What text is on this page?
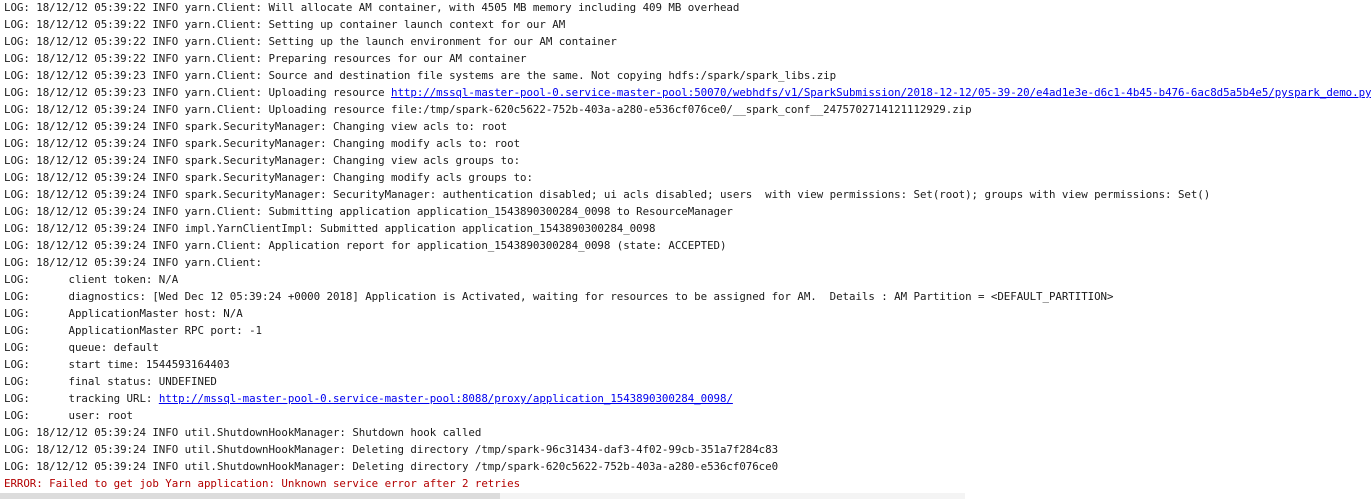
LOG: 18/12/12 05:39:22 INFO yarn.Client: Will allocate AM container, with 4505 MB memory including 409 MB overhead
LOG: 18/12/12 05:39:22 INFO yarn.Client: Setting up container launch context for our AM
LOG: 18/12/12 05:39:22 INFO yarn.Client: Setting up the launch environment for our AM container
LOG: 18/12/12 05:39:22 INFO yarn.Client: Preparing resources for our AM container
LOG: 18/12/12 05:39:23 INFO yarn.Client: Source and destination file systems are the same. Not copying hdfs:/spark/spark_libs.zip
LOG: 18/12/12 05:39:23 INFO yarn.Client: Uploading resource http://mssql-master-pool-0.service-master-pool:50070/webhdfs/v1/SparkSubmission/2018-12-12/05-39-20/e4ad1e3e-d6c1-4b45-b476-6ac8d5a5b4e5/pyspark_demo.py
LOG: 18/12/12 05:39:24 INFO yarn.Client: Uploading resource file:/tmp/spark-620c5622-752b-403a-a280-e536cf076ce0/__spark_conf__2475702714121112929.zip
LOG: 18/12/12 05:39:24 INFO spark.SecurityManager: Changing view acls to: root
LOG: 18/12/12 05:39:24 INFO spark.SecurityManager: Changing modify acls to: root
LOG: 18/12/12 05:39:24 INFO spark.SecurityManager: Changing view acls groups to:
LOG: 18/12/12 05:39:24 INFO spark.SecurityManager: Changing modify acls groups to:
LOG: 18/12/12 05:39:24 INFO spark.SecurityManager: SecurityManager: authentication disabled; ui acls disabled; users  with view permissions: Set(root); groups with view permissions: Set()
LOG: 18/12/12 05:39:24 INFO yarn.Client: Submitting application application_1543890300284_0098 to ResourceManager
LOG: 18/12/12 05:39:24 INFO impl.YarnClientImpl: Submitted application application_1543890300284_0098
LOG: 18/12/12 05:39:24 INFO yarn.Client: Application report for application_1543890300284_0098 (state: ACCEPTED)
LOG: 18/12/12 05:39:24 INFO yarn.Client:
LOG:      client token: N/A
LOG:      diagnostics: [Wed Dec 12 05:39:24 +0000 2018] Application is Activated, waiting for resources to be assigned for AM.  Details : AM Partition = <DEFAULT_PARTITION>
LOG:      ApplicationMaster host: N/A
LOG:      ApplicationMaster RPC port: -1
LOG:      queue: default
LOG:      start time: 1544593164403
LOG:      final status: UNDEFINED
LOG:      tracking URL: http://mssql-master-pool-0.service-master-pool:8088/proxy/application_1543890300284_0098/
LOG:      user: root
LOG: 18/12/12 05:39:24 INFO util.ShutdownHookManager: Shutdown hook called
LOG: 18/12/12 05:39:24 INFO util.ShutdownHookManager: Deleting directory /tmp/spark-96c31434-daf3-4f02-99cb-351a7f284c83
LOG: 18/12/12 05:39:24 INFO util.ShutdownHookManager: Deleting directory /tmp/spark-620c5622-752b-403a-a280-e536cf076ce0
ERROR: Failed to get job Yarn application: Unknown service error after 2 retries
